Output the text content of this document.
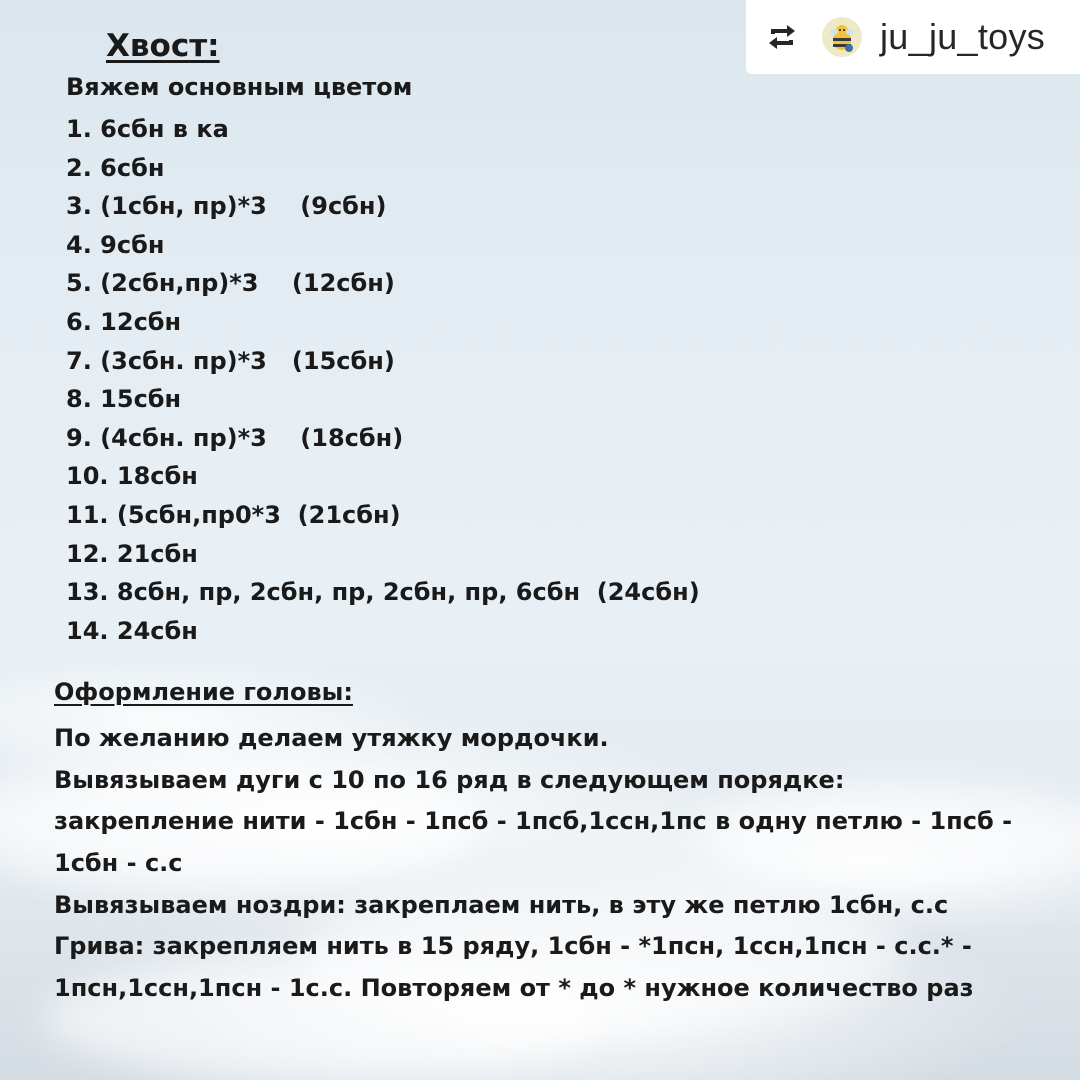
ju_ju_toys
Хвост:
Вяжем основным цветом
1. 6сбн в ка
2. 6сбн
3. (1сбн, пр)*3    (9сбн)
4. 9сбн
5. (2сбн,пр)*3    (12сбн)
6. 12сбн
7. (3сбн. пр)*3   (15сбн)
8. 15сбн
9. (4сбн. пр)*3    (18сбн)
10. 18сбн
11. (5сбн,пр0*3  (21сбн)
12. 21сбн
13. 8сбн, пр, 2сбн, пр, 2сбн, пр, 6сбн  (24сбн)
14. 24сбн
Оформление головы:
По желанию делаем утяжку мордочки.
Вывязываем дуги с 10 по 16 ряд в следующем порядке:
закрепление нити - 1сбн - 1псб - 1псб,1ссн,1пс в одну петлю - 1псб -
1сбн - с.с
Вывязываем ноздри: закреплаем нить, в эту же петлю 1сбн, с.с
Грива: закрепляем нить в 15 ряду, 1сбн - *1псн, 1ссн,1псн - с.с.* -
1псн,1ссн,1псн - 1с.с. Повторяем от * до * нужное количество раз
